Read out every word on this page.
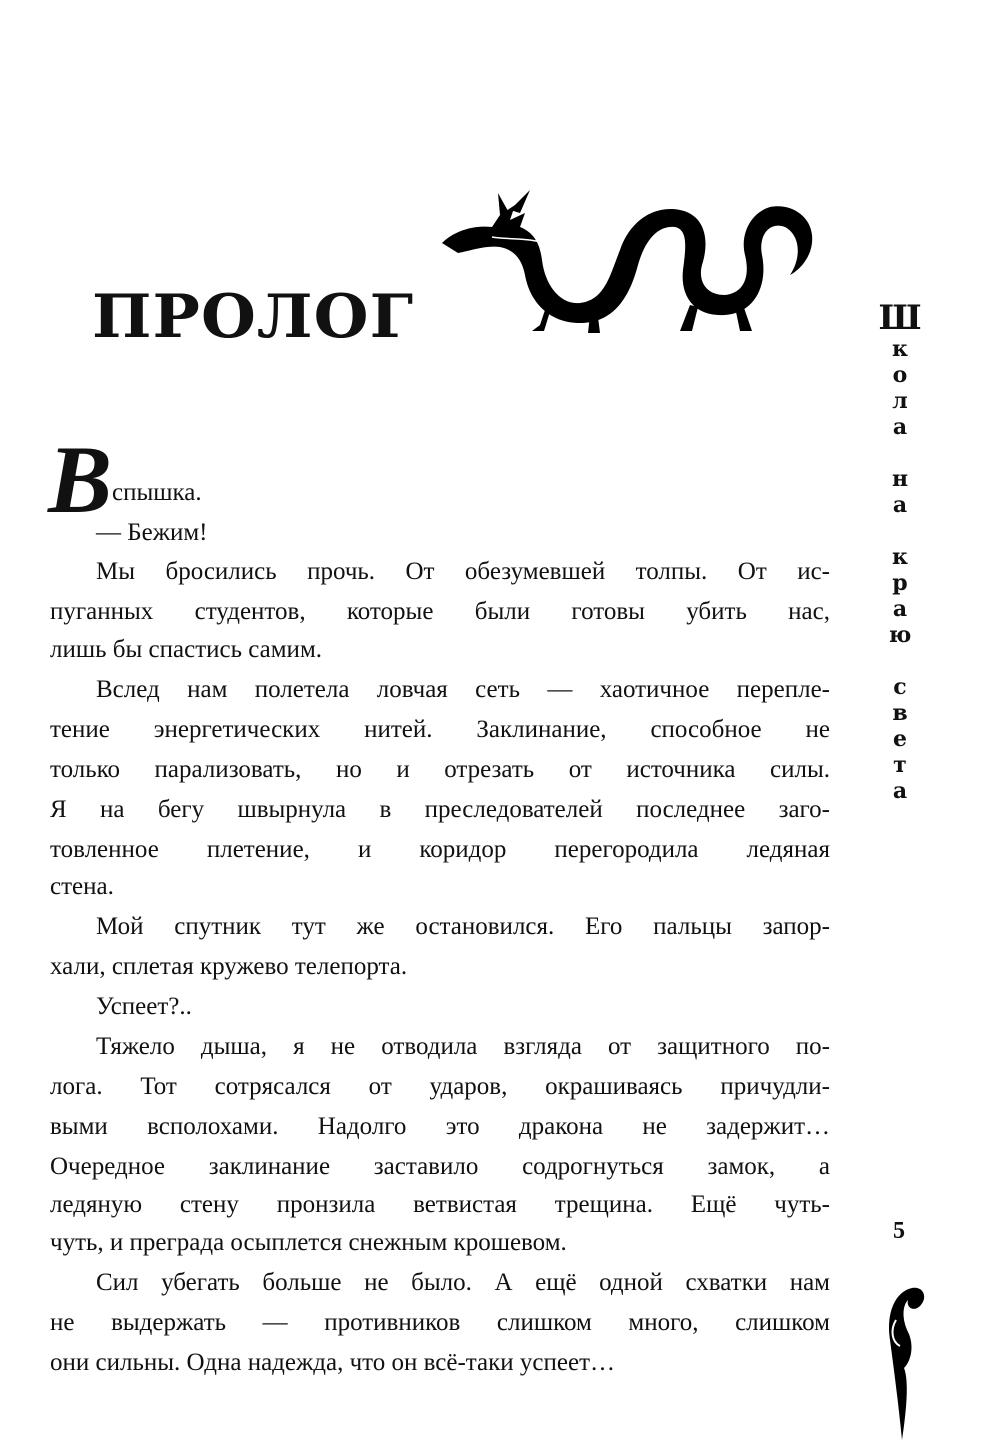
ПРОЛОГ
В спышка.
— Бежим!
Мы бросились прочь. От обезумевшей толпы. От ис-
пуганных студентов, которые были готовы убить нас,
лишь бы спастись самим.
Вслед нам полетела ловчая сеть — хаотичное перепле-
тение энергетических нитей. Заклинание, способное не
только парализовать, но и отрезать от источника силы.
Я на бегу швырнула в преследователей последнее заго-
товленное плетение, и коридор перегородила ледяная
стена.
Мой спутник тут же остановился. Его пальцы запор-
хали, сплетая кружево телепорта.
Успеет?..
Тяжело дыша, я не отводила взгляда от защитного по-
лога. Тот сотрясался от ударов, окрашиваясь причудли-
выми всполохами. Надолго это дракона не задержит…
Очередное заклинание заставило содрогнуться замок, а
ледяную стену пронзила ветвистая трещина. Ещё чуть-
чуть, и преграда осыплется снежным крошевом.
Сил убегать больше не было. А ещё одной схватки нам
не выдержать — противников слишком много, слишком
они сильны. Одна надежда, что он всё-таки успеет…
Ш
к
о
л
а
н
а
к
р
а
ю
с
в
е
т
а
5
